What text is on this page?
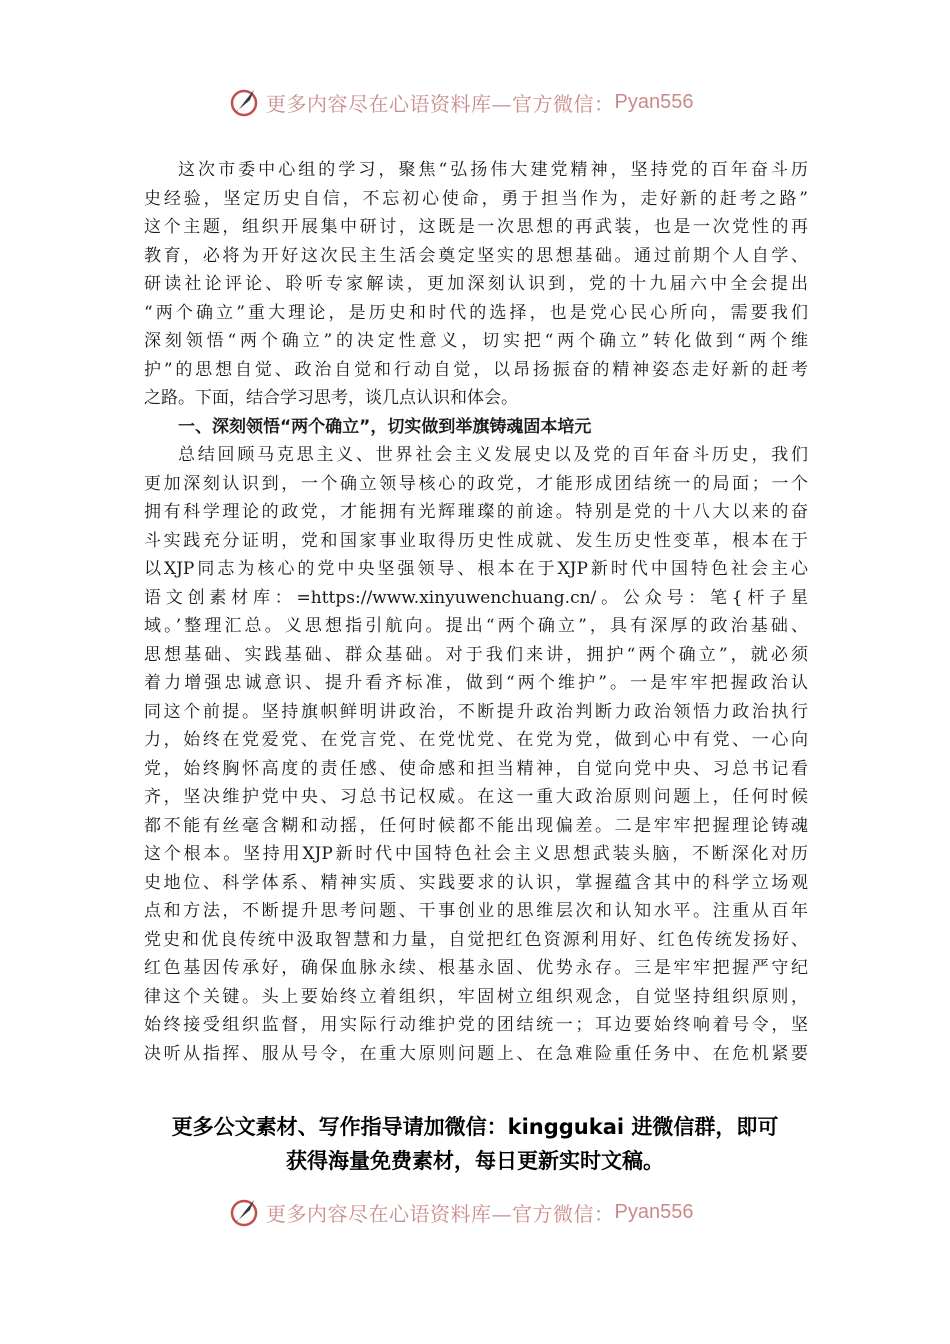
更多内容尽在心语资料库—官方微信： Pyan556
这次市委中心组的学习，聚焦“弘扬伟大建党精神，坚持党的百年奋斗历
史经验，坚定历史自信，不忘初心使命，勇于担当作为，走好新的赶考之路”
这个主题，组织开展集中研讨，这既是一次思想的再武装，也是一次党性的再
教育，必将为开好这次民主生活会奠定坚实的思想基础。通过前期个人自学、
研读社论评论、聆听专家解读，更加深刻认识到，党的十九届六中全会提出
“两个确立”重大理论，是历史和时代的选择，也是党心民心所向，需要我们
深刻领悟“两个确立”的决定性意义，切实把“两个确立”转化做到“两个维
护”的思想自觉、政治自觉和行动自觉，以昂扬振奋的精神姿态走好新的赶考
之路。下面，结合学习思考，谈几点认识和体会。
一、深刻领悟“两个确立”，切实做到举旗铸魂固本培元
总结回顾马克思主义、世界社会主义发展史以及党的百年奋斗历史，我们
更加深刻认识到，一个确立领导核心的政党，才能形成团结统一的局面；一个
拥有科学理论的政党，才能拥有光辉璀璨的前途。特别是党的十八大以来的奋
斗实践充分证明，党和国家事业取得历史性成就、发生历史性变革，根本在于
以XJP同志为核心的党中央坚强领导、根本在于XJP新时代中国特色社会主心
语文创素材库：=https://www.xinyuwenchuang.cn/。公众号：笔{杆子星
域。’整理汇总。义思想指引航向。提出“两个确立”，具有深厚的政治基础、
思想基础、实践基础、群众基础。对于我们来讲，拥护“两个确立”，就必须
着力增强忠诚意识、提升看齐标准，做到“两个维护”。一是牢牢把握政治认
同这个前提。坚持旗帜鲜明讲政治，不断提升政治判断力政治领悟力政治执行
力，始终在党爱党、在党言党、在党忧党、在党为党，做到心中有党、一心向
党，始终胸怀高度的责任感、使命感和担当精神，自觉向党中央、习总书记看
齐，坚决维护党中央、习总书记权威。在这一重大政治原则问题上，任何时候
都不能有丝毫含糊和动摇，任何时候都不能出现偏差。二是牢牢把握理论铸魂
这个根本。坚持用XJP新时代中国特色社会主义思想武装头脑，不断深化对历
史地位、科学体系、精神实质、实践要求的认识，掌握蕴含其中的科学立场观
点和方法，不断提升思考问题、干事创业的思维层次和认知水平。注重从百年
党史和优良传统中汲取智慧和力量，自觉把红色资源利用好、红色传统发扬好、
红色基因传承好，确保血脉永续、根基永固、优势永存。三是牢牢把握严守纪
律这个关键。头上要始终立着组织，牢固树立组织观念，自觉坚持组织原则，
始终接受组织监督，用实际行动维护党的团结统一；耳边要始终响着号令，坚
决听从指挥、服从号令，在重大原则问题上、在急难险重任务中、在危机紧要
更多公文素材、写作指导请加微信：kinggukai 进微信群，即可
获得海量免费素材，每日更新实时文稿。
更多内容尽在心语资料库—官方微信： Pyan556
